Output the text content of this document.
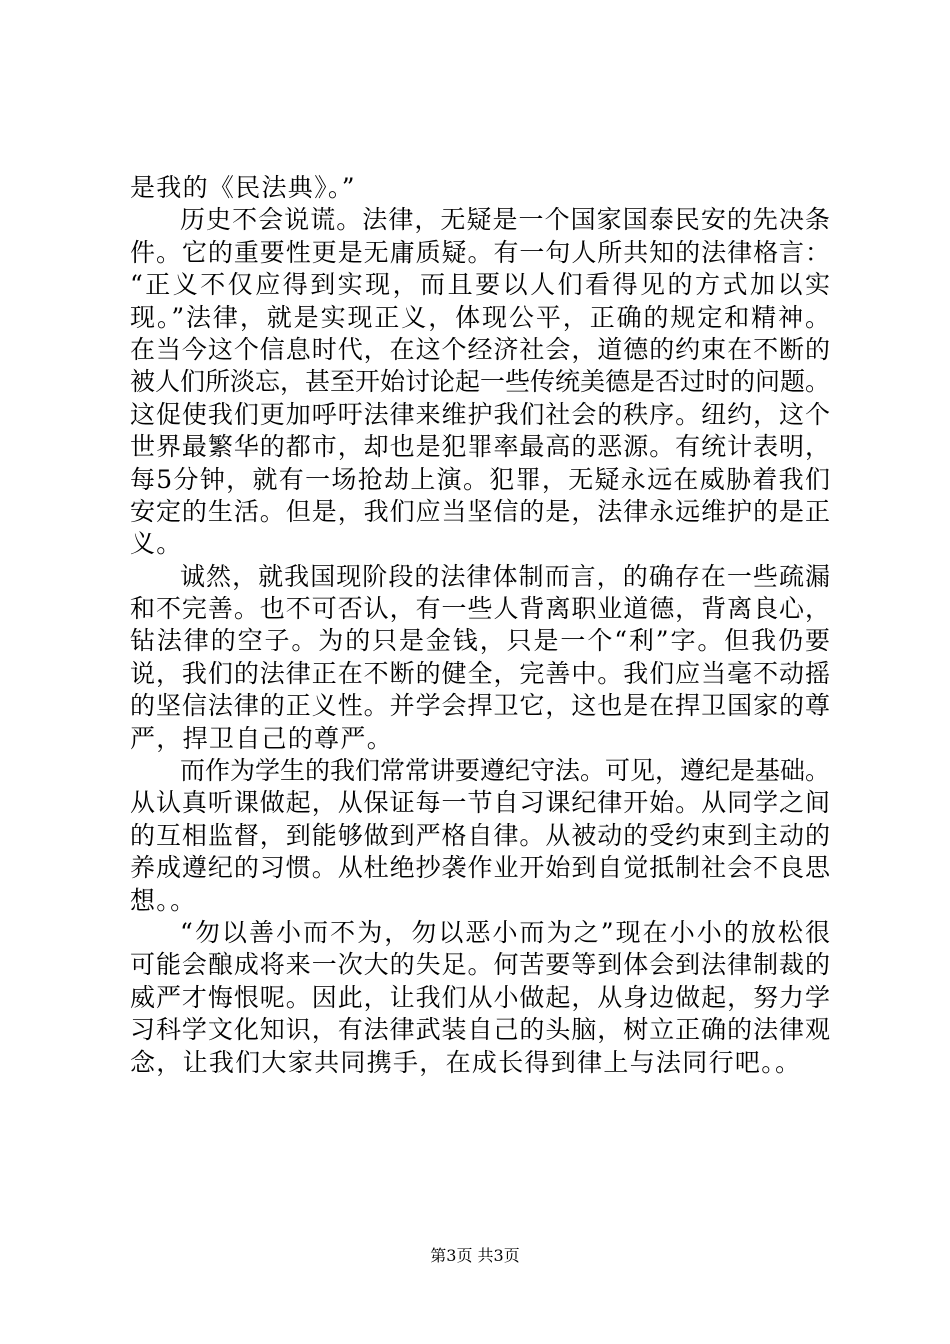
是我的《民法典》。”
历史不会说谎。法律，无疑是一个国家国泰民安的先决条
件。它的重要性更是无庸质疑。有一句人所共知的法律格言：
“正义不仅应得到实现，而且要以人们看得见的方式加以实
现。”法律，就是实现正义，体现公平，正确的规定和精神。
在当今这个信息时代，在这个经济社会，道德的约束在不断的
被人们所淡忘，甚至开始讨论起一些传统美德是否过时的问题。
这促使我们更加呼吁法律来维护我们社会的秩序。纽约，这个
世界最繁华的都市，却也是犯罪率最高的恶源。有统计表明，
每5分钟，就有一场抢劫上演。犯罪，无疑永远在威胁着我们
安定的生活。但是，我们应当坚信的是，法律永远维护的是正
义。
诚然，就我国现阶段的法律体制而言，的确存在一些疏漏
和不完善。也不可否认，有一些人背离职业道德，背离良心，
钻法律的空子。为的只是金钱，只是一个“利”字。但我仍要
说，我们的法律正在不断的健全，完善中。我们应当毫不动摇
的坚信法律的正义性。并学会捍卫它，这也是在捍卫国家的尊
严，捍卫自己的尊严。
而作为学生的我们常常讲要遵纪守法。可见，遵纪是基础。
从认真听课做起，从保证每一节自习课纪律开始。从同学之间
的互相监督，到能够做到严格自律。从被动的受约束到主动的
养成遵纪的习惯。从杜绝抄袭作业开始到自觉抵制社会不良思
想。。
“勿以善小而不为，勿以恶小而为之”现在小小的放松很
可能会酿成将来一次大的失足。何苦要等到体会到法律制裁的
威严才悔恨呢。因此，让我们从小做起，从身边做起，努力学
习科学文化知识，有法律武装自己的头脑，树立正确的法律观
念，让我们大家共同携手，在成长得到律上与法同行吧。。
第3页 共3页
